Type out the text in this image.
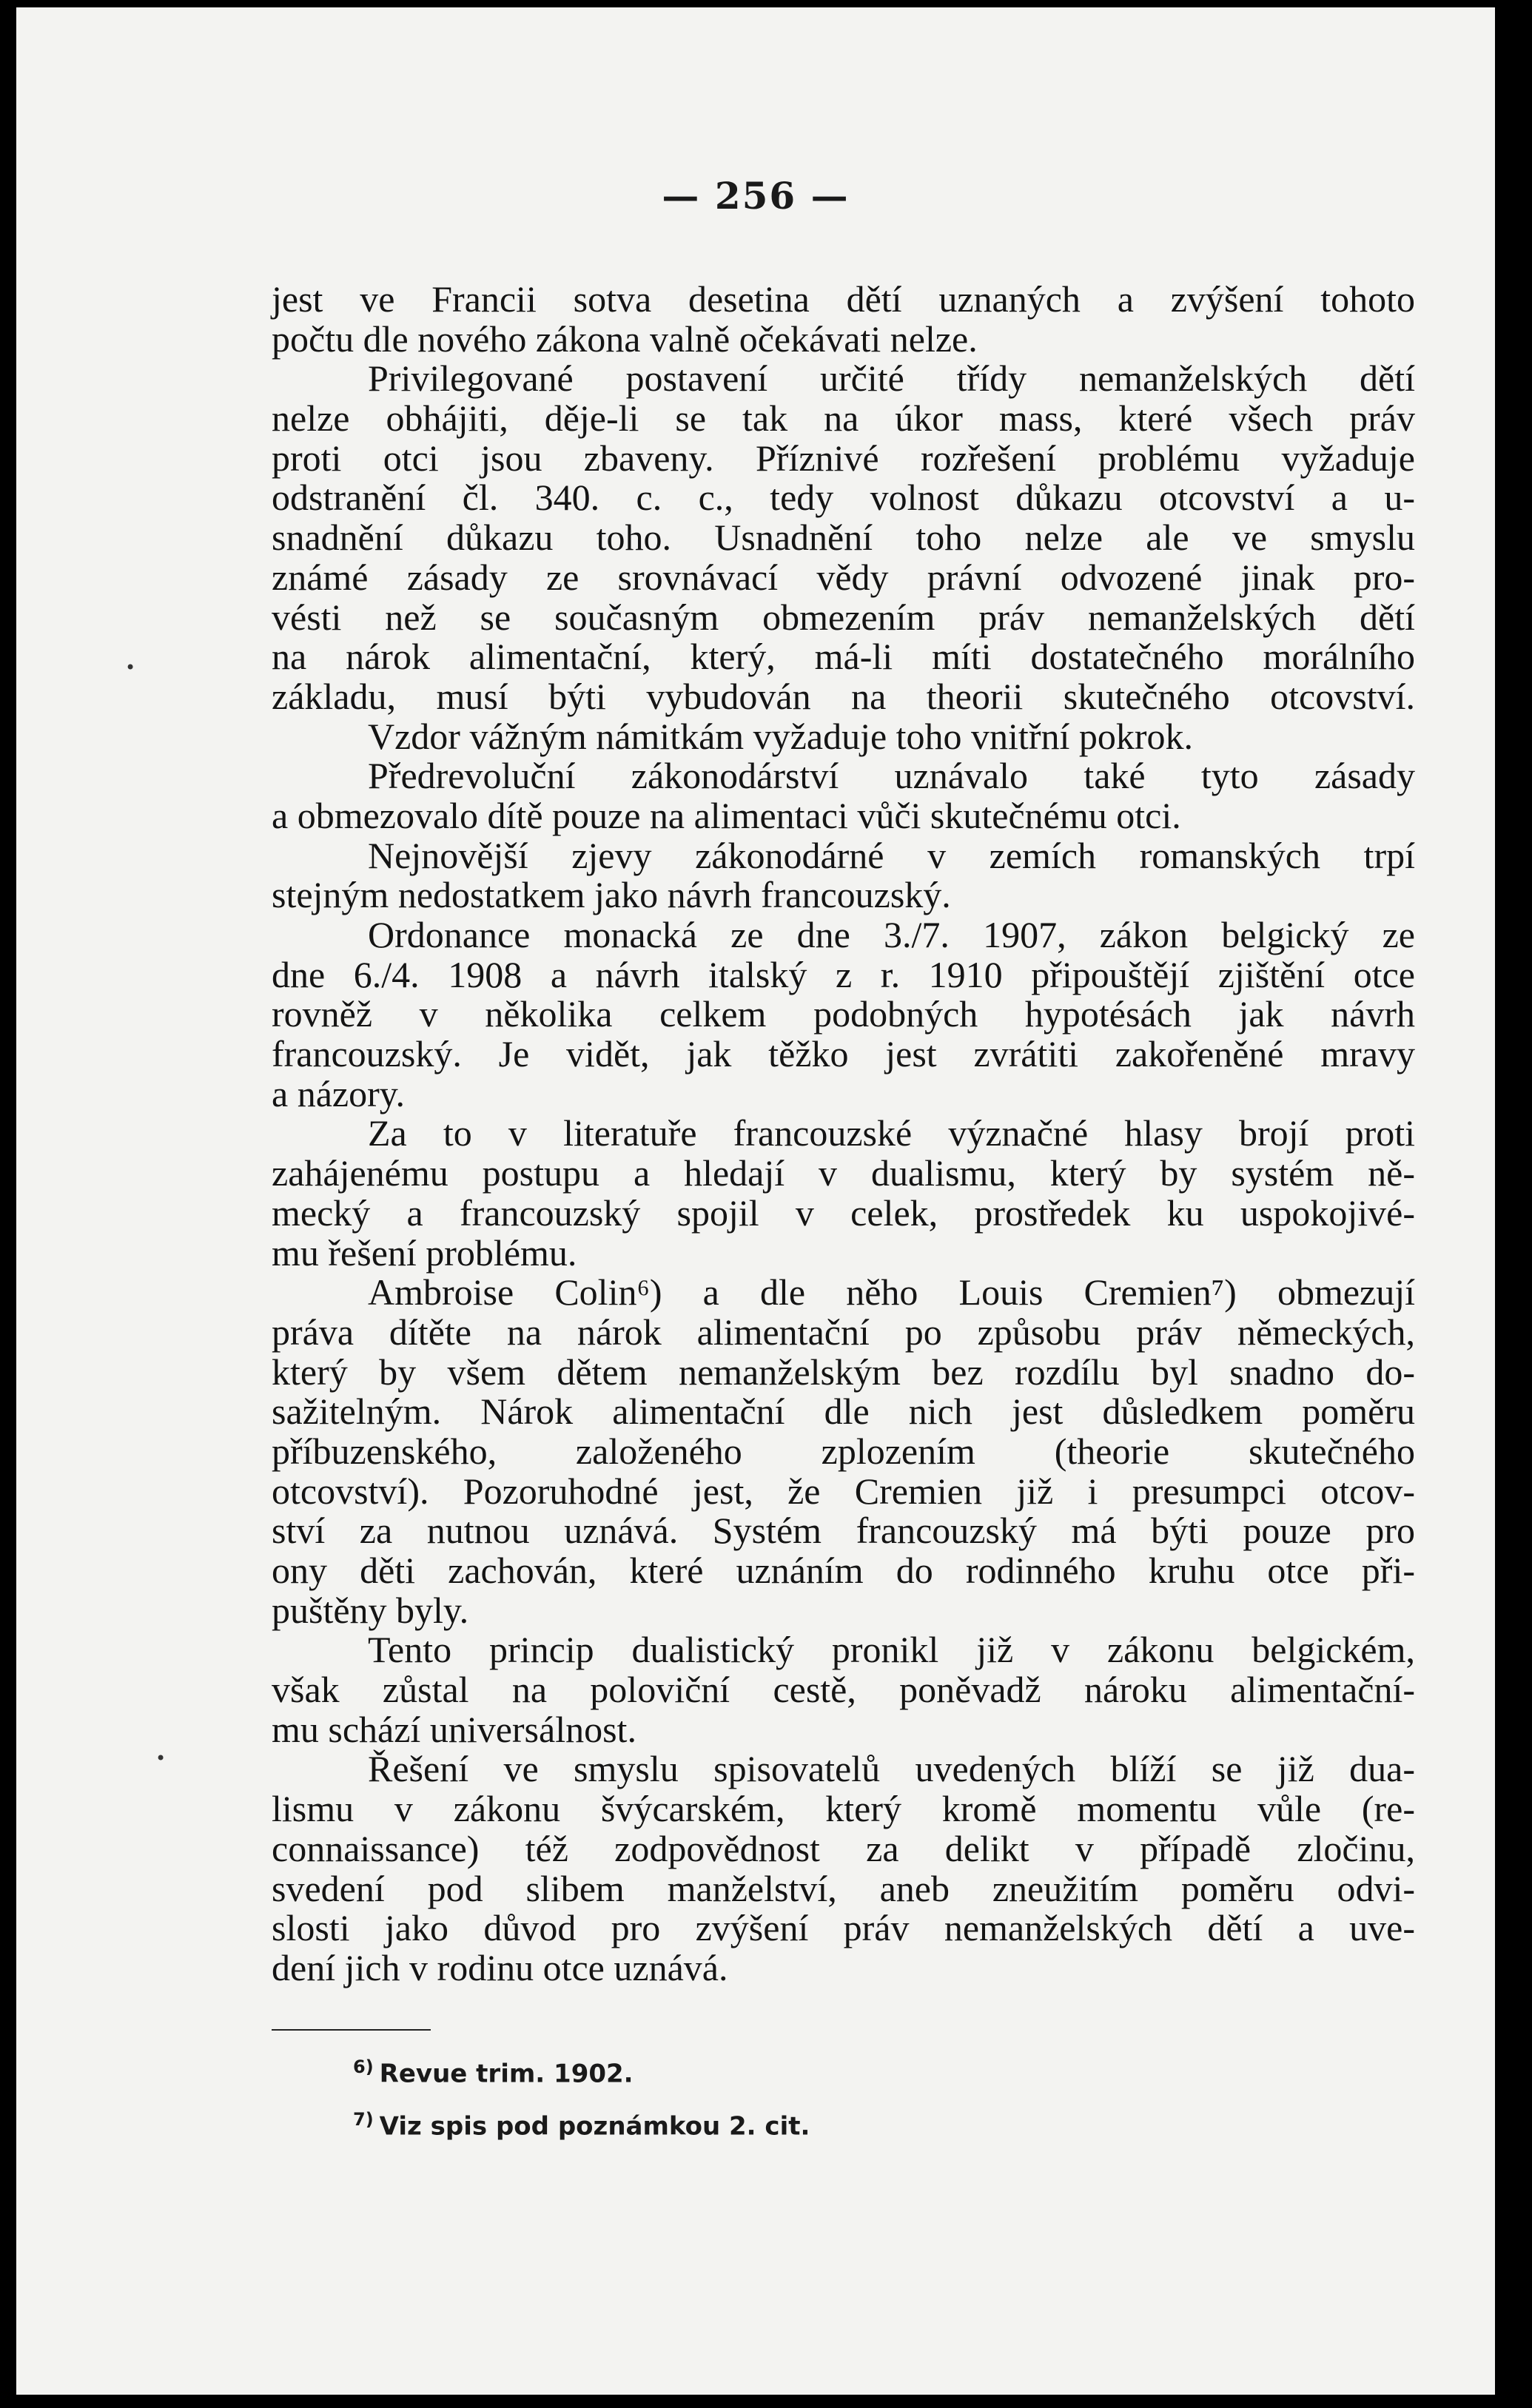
— 256 —
jest ve Francii sotva desetina dětí uznaných a zvýšení tohoto
počtu dle nového zákona valně očekávati nelze.
Privilegované postavení určité třídy nemanželských dětí
nelze obhájiti, děje-li se tak na úkor mass, které všech práv
proti otci jsou zbaveny. Příznivé rozřešení problému vyžaduje
odstranění čl. 340. c. c., tedy volnost důkazu otcovství a u-
snadnění důkazu toho. Usnadnění toho nelze ale ve smyslu
známé zásady ze srovnávací vědy právní odvozené jinak pro-
vésti než se současným obmezením práv nemanželských dětí
na nárok alimentační, který, má-li míti dostatečného morálního
základu, musí býti vybudován na theorii skutečného otcovství.
Vzdor vážným námitkám vyžaduje toho vnitřní pokrok.
Předrevoluční zákonodárství uznávalo také tyto zásady
a obmezovalo dítě pouze na alimentaci vůči skutečnému otci.
Nejnovější zjevy zákonodárné v zemích romanských trpí
stejným nedostatkem jako návrh francouzský.
Ordonance monacká ze dne 3./7. 1907, zákon belgický ze
dne 6./4. 1908 a návrh italský z r. 1910 připouštějí zjištění otce
rovněž v několika celkem podobných hypotésách jak návrh
francouzský. Je vidět, jak těžko jest zvrátiti zakořeněné mravy
a názory.
Za to v literatuře francouzské význačné hlasy brojí proti
zahájenému postupu a hledají v dualismu, který by systém ně-
mecký a francouzský spojil v celek, prostředek ku uspokojivé-
mu řešení problému.
Ambroise Colin⁶) a dle něho Louis Cremien⁷) obmezují
práva dítěte na nárok alimentační po způsobu práv německých,
který by všem dětem nemanželským bez rozdílu byl snadno do-
sažitelným. Nárok alimentační dle nich jest důsledkem poměru
příbuzenského, založeného zplozením (theorie skutečného
otcovství). Pozoruhodné jest, že Cremien již i presumpci otcov-
ství za nutnou uznává. Systém francouzský má býti pouze pro
ony děti zachován, které uznáním do rodinného kruhu otce při-
puštěny byly.
Tento princip dualistický pronikl již v zákonu belgickém,
však zůstal na poloviční cestě, poněvadž nároku alimentační-
mu schází universálnost.
Řešení ve smyslu spisovatelů uvedených blíží se již dua-
lismu v zákonu švýcarském, který kromě momentu vůle (re-
connaissance) též zodpovědnost za delikt v případě zločinu,
svedení pod slibem manželství, aneb zneužitím poměru odvi-
slosti jako důvod pro zvýšení práv nemanželských dětí a uve-
dení jich v rodinu otce uznává.
$^{6)}$ Revue trim. 1902.
$^{7)}$ Viz spis pod poznámkou 2. cit.
•
•
